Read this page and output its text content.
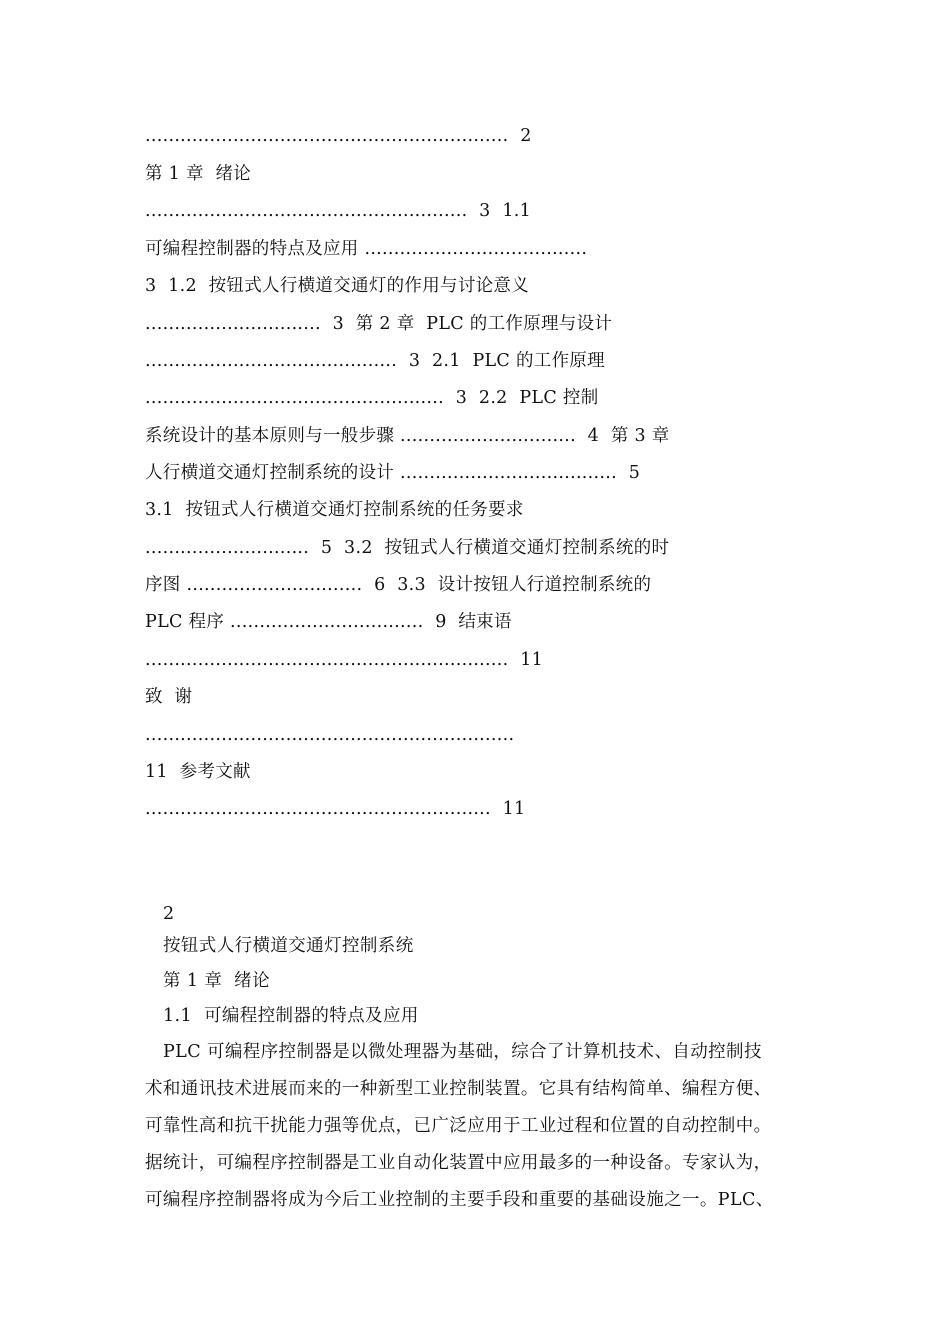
..............................................................  2
第 1 章  绪论
.......................................................  3  1.1
可编程控制器的特点及应用 ......................................
3  1.2  按钮式人行横道交通灯的作用与讨论意义
..............................  3  第 2 章  PLC 的工作原理与设计
...........................................  3  2.1  PLC 的工作原理
...................................................  3  2.2  PLC 控制
系统设计的基本原则与一般步骤 ..............................  4  第 3 章
人行横道交通灯控制系统的设计 .....................................  5
3.1  按钮式人行横道交通灯控制系统的任务要求
............................  5  3.2  按钮式人行横道交通灯控制系统的时
序图 ..............................  6  3.3  设计按钮人行道控制系统的
PLC 程序 .................................  9  结束语
..............................................................  11
致  谢
...............................................................
11  参考文献
...........................................................  11
2
按钮式人行横道交通灯控制系统
第 1 章  绪论
1.1  可编程控制器的特点及应用
PLC 可编程序控制器是以微处理器为基础，综合了计算机技术、自动控制技
术和通讯技术进展而来的一种新型工业控制装置。它具有结构简单、编程方便、
可靠性高和抗干扰能力强等优点，已广泛应用于工业过程和位置的自动控制中。
据统计，可编程序控制器是工业自动化装置中应用最多的一种设备。专家认为，
可编程序控制器将成为今后工业控制的主要手段和重要的基础设施之一。PLC、
